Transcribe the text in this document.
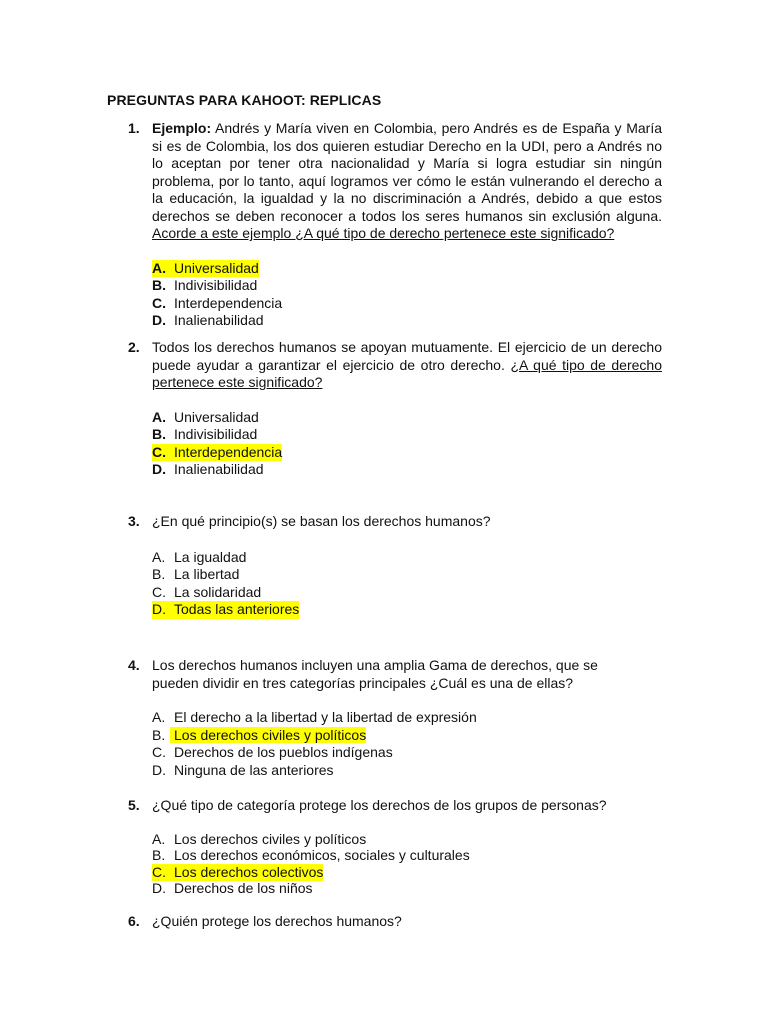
PREGUNTAS PARA KAHOOT: REPLICAS
1. Ejemplo: Andrés y María viven en Colombia, pero Andrés es de España y María si es de Colombia, los dos quieren estudiar Derecho en la UDI, pero a Andrés no lo aceptan por tener otra nacionalidad y María si logra estudiar sin ningún problema, por lo tanto, aquí logramos ver cómo le están vulnerando el derecho a la educación, la igualdad y la no discriminación a Andrés, debido a que estos derechos se deben reconocer a todos los seres humanos sin exclusión alguna. Acorde a este ejemplo ¿A qué tipo de derecho pertenece este significado?
A. Universalidad
B. Indivisibilidad
C. Interdependencia
D. Inalienabilidad
2. Todos los derechos humanos se apoyan mutuamente. El ejercicio de un derecho puede ayudar a garantizar el ejercicio de otro derecho. ¿A qué tipo de derecho pertenece este significado?
A. Universalidad
B. Indivisibilidad
C. Interdependencia
D. Inalienabilidad
3. ¿En qué principio(s) se basan los derechos humanos?
A. La igualdad
B. La libertad
C. La solidaridad
D. Todas las anteriores
4. Los derechos humanos incluyen una amplia Gama de derechos, que se pueden dividir en tres categorías principales ¿Cuál es una de ellas?
A. El derecho a la libertad y la libertad de expresión
B. Los derechos civiles y políticos
C. Derechos de los pueblos indígenas
D. Ninguna de las anteriores
5. ¿Qué tipo de categoría protege los derechos de los grupos de personas?
A. Los derechos civiles y políticos
B. Los derechos económicos, sociales y culturales
C. Los derechos colectivos
D. Derechos de los niños
6. ¿Quién protege los derechos humanos?
